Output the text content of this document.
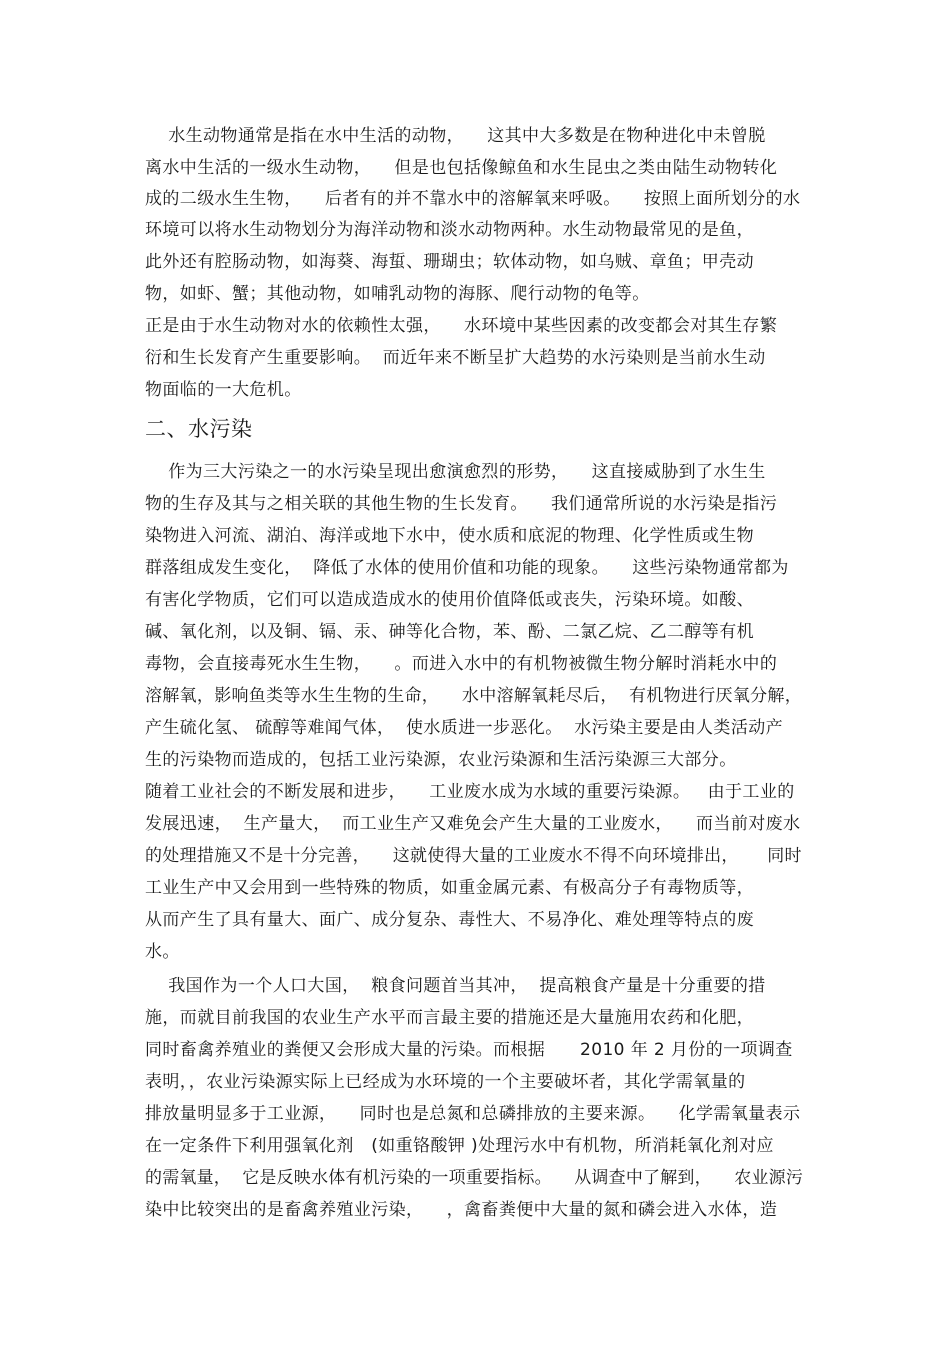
水生动物通常是指在水中生活的动物，    这其中大多数是在物种进化中未曾脱
离水中生活的一级水生动物，    但是也包括像鲸鱼和水生昆虫之类由陆生动物转化
成的二级水生生物，    后者有的并不靠水中的溶解氧来呼吸。    按照上面所划分的水
环境可以将水生动物划分为海洋动物和淡水动物两种。水生动物最常见的是鱼，
此外还有腔肠动物，如海葵、海蜇、珊瑚虫；软体动物，如乌贼、章鱼；甲壳动
物，如虾、蟹；其他动物，如哺乳动物的海豚、爬行动物的龟等。
正是由于水生动物对水的依赖性太强，    水环境中某些因素的改变都会对其生存繁
衍和生长发育产生重要影响。  而近年来不断呈扩大趋势的水污染则是当前水生动
物面临的一大危机。
二、水污染
作为三大污染之一的水污染呈现出愈演愈烈的形势，    这直接威胁到了水生生
物的生存及其与之相关联的其他生物的生长发育。    我们通常所说的水污染是指污
染物进入河流、湖泊、海洋或地下水中，使水质和底泥的物理、化学性质或生物
群落组成发生变化，  降低了水体的使用价值和功能的现象。    这些污染物通常都为
有害化学物质，它们可以造成造成水的使用价值降低或丧失，污染环境。如酸、
碱、氧化剂，以及铜、镉、汞、砷等化合物，苯、酚、二氯乙烷、乙二醇等有机
毒物，会直接毒死水生生物，    。而进入水中的有机物被微生物分解时消耗水中的
溶解氧，影响鱼类等水生生物的生命，    水中溶解氧耗尽后，  有机物进行厌氧分解，
产生硫化氢、 硫醇等难闻气体，  使水质进一步恶化。  水污染主要是由人类活动产
生的污染物而造成的，包括工业污染源，农业污染源和生活污染源三大部分。
随着工业社会的不断发展和进步，    工业废水成为水域的重要污染源。   由于工业的
发展迅速，  生产量大，  而工业生产又难免会产生大量的工业废水，    而当前对废水
的处理措施又不是十分完善，    这就使得大量的工业废水不得不向环境排出，     同时
工业生产中又会用到一些特殊的物质，如重金属元素、有极高分子有毒物质等，
从而产生了具有量大、面广、成分复杂、毒性大、不易净化、难处理等特点的废
水。
我国作为一个人口大国，  粮食问题首当其冲，  提高粮食产量是十分重要的措
施，而就目前我国的农业生产水平而言最主要的措施还是大量施用农药和化肥，
同时畜禽养殖业的粪便又会形成大量的污染。而根据      2010 年 2 月份的一项调查
表明，，农业污染源实际上已经成为水环境的一个主要破坏者，其化学需氧量的
排放量明显多于工业源，    同时也是总氮和总磷排放的主要来源。    化学需氧量表示
在一定条件下利用强氧化剂   (如重铬酸钾 )处理污水中有机物，所消耗氧化剂对应
的需氧量，  它是反映水体有机污染的一项重要指标。    从调查中了解到，    农业源污
染中比较突出的是畜禽养殖业污染，    ，禽畜粪便中大量的氮和磷会进入水体，造
